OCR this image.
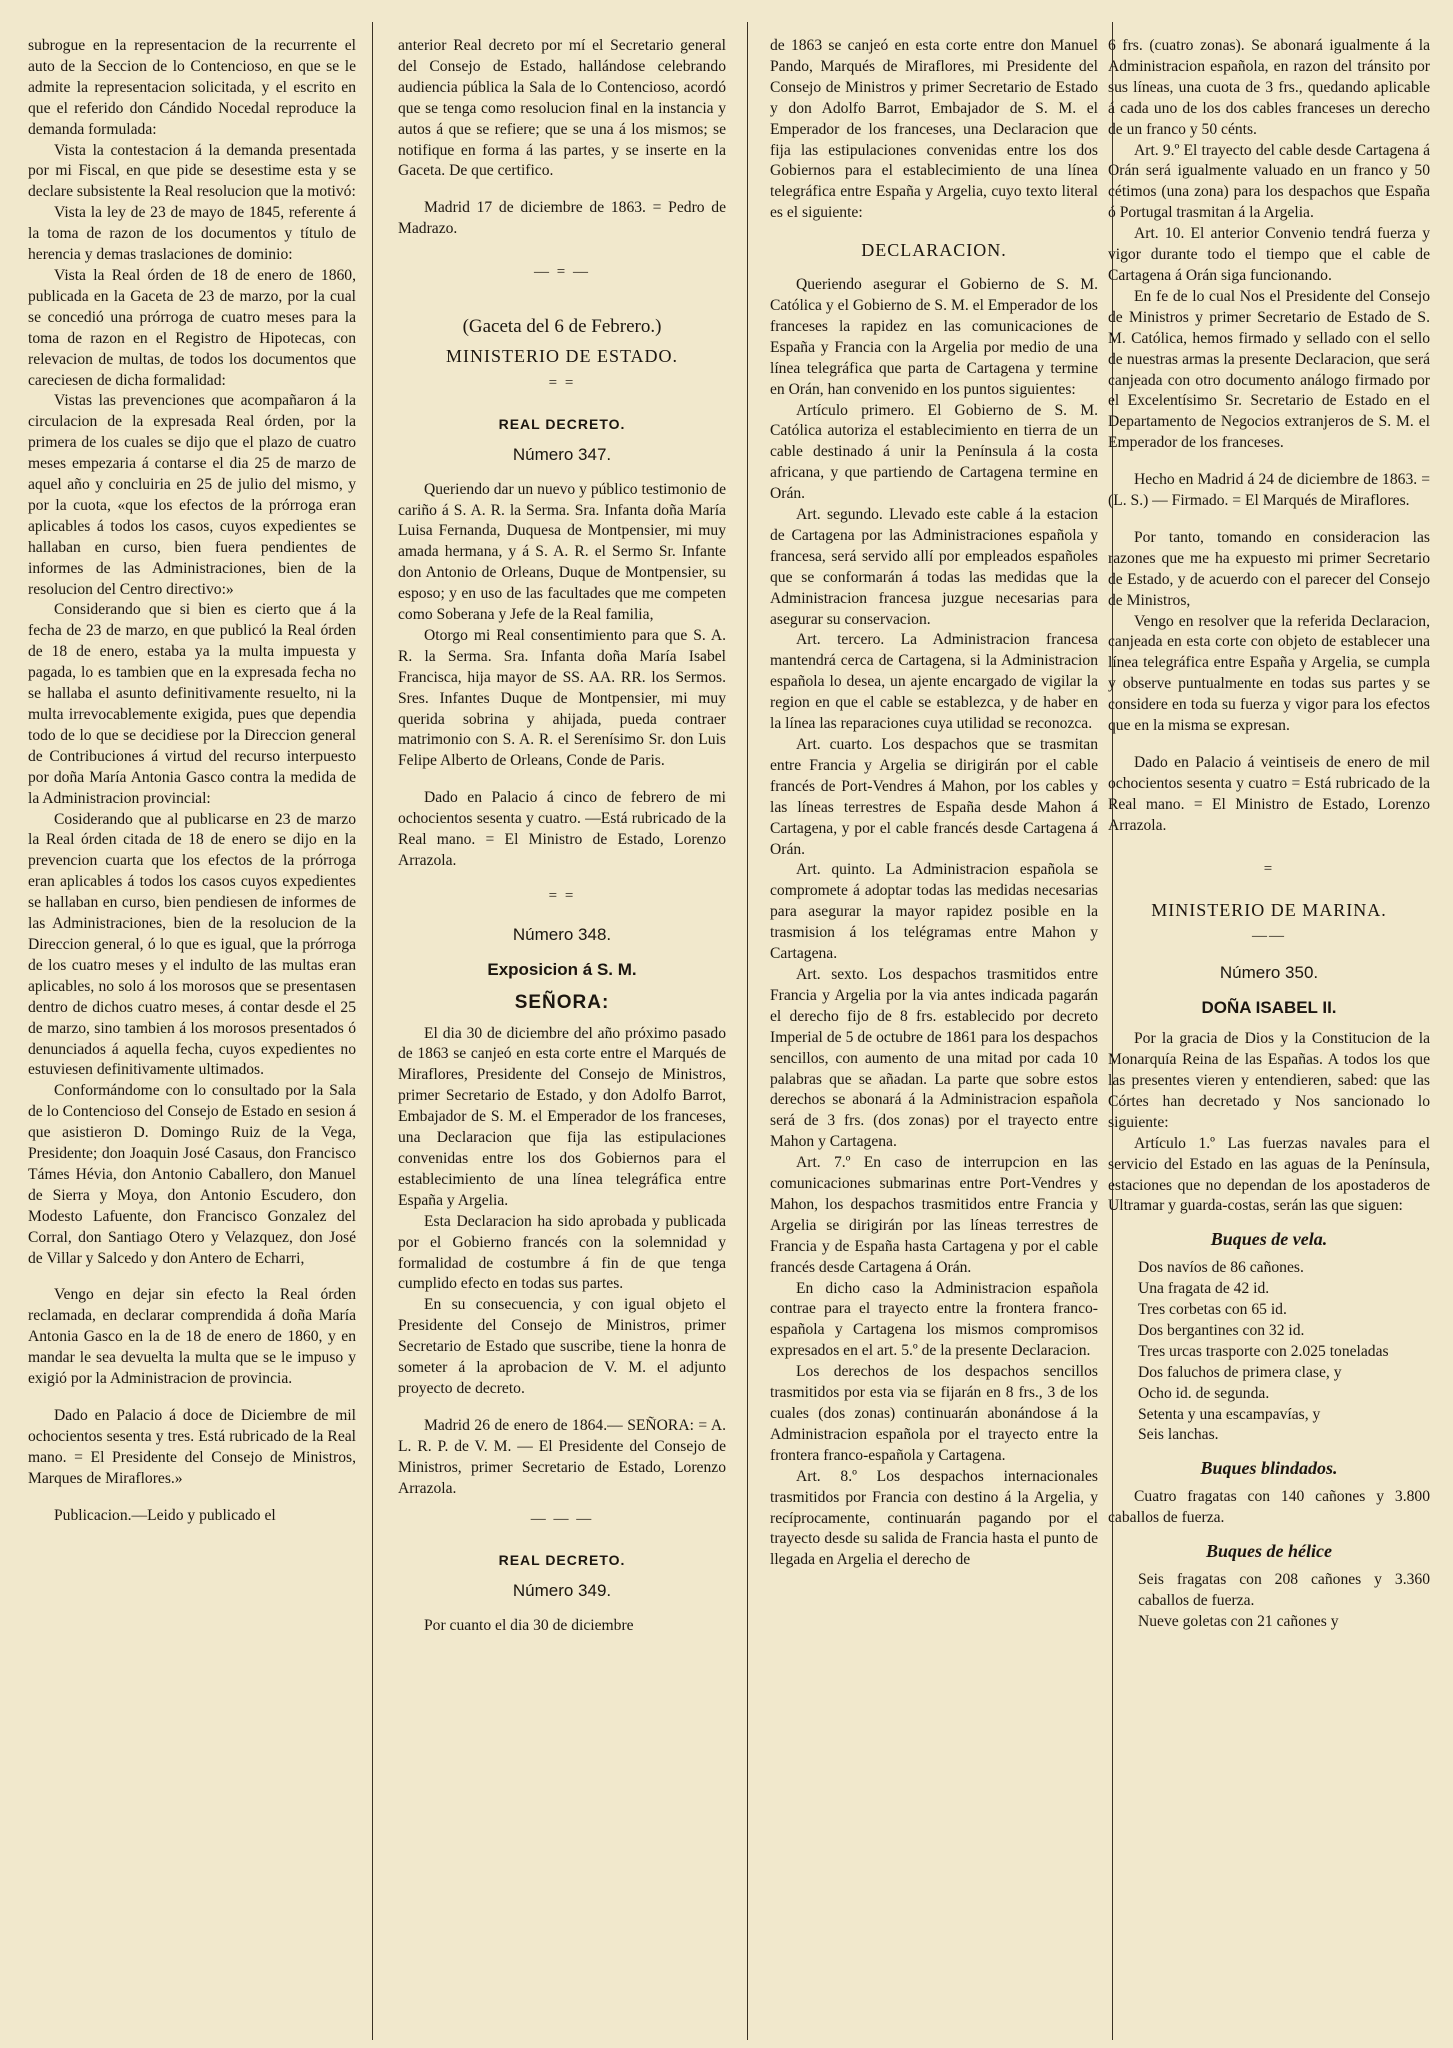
subrogue en la representacion de la recurrente el auto de la Seccion de lo Contencioso, en que se le admite la representacion solicitada, y el escrito en que el referido don Cándido Nocedal reproduce la demanda formulada:

Vista la contestacion á la demanda presentada por mi Fiscal, en que pide se desestime esta y se declare subsistente la Real resolucion que la motivó:

Vista la ley de 23 de mayo de 1845, referente á la toma de razon de los documentos y título de herencia y demas traslaciones de dominio:

Vista la Real órden de 18 de enero de 1860, publicada en la Gaceta de 23 de marzo, por la cual se concedió una prórroga de cuatro meses para la toma de razon en el Registro de Hipotecas, con relevacion de multas, de todos los documentos que careciesen de dicha formalidad:

Vistas las prevenciones que acompañaron á la circulacion de la expresada Real órden, por la primera de los cuales se dijo que el plazo de cuatro meses empezaria á contarse el dia 25 de marzo de aquel año y concluiria en 25 de julio del mismo, y por la cuota, «que los efectos de la prórroga eran aplicables á todos los casos, cuyos expedientes se hallaban en curso, bien fuera pendientes de informes de las Administraciones, bien de la resolucion del Centro directivo:»

Considerando que si bien es cierto que á la fecha de 23 de marzo, en que publicó la Real órden de 18 de enero, estaba ya la multa impuesta y pagada, lo es tambien que en la expresada fecha no se hallaba el asunto definitivamente resuelto, ni la multa irrevocablemente exigida, pues que dependia todo de lo que se decidiese por la Direccion general de Contribuciones á virtud del recurso interpuesto por doña María Antonia Gasco contra la medida de la Administracion provincial:

Cosiderando que al publicarse en 23 de marzo la Real órden citada de 18 de enero se dijo en la prevencion cuarta que los efectos de la prórroga eran aplicables á todos los casos cuyos expedientes se hallaban en curso, bien pendiesen de informes de las Administraciones, bien de la resolucion de la Direccion general, ó lo que es igual, que la prórroga de los cuatro meses y el indulto de las multas eran aplicables, no solo á los morosos que se presentasen dentro de dichos cuatro meses, á contar desde el 25 de marzo, sino tambien á los morosos presentados ó denunciados á aquella fecha, cuyos expedientes no estuviesen definitivamente ultimados.

Conformándome con lo consultado por la Sala de lo Contencioso del Consejo de Estado en sesion á que asistieron D. Domingo Ruiz de la Vega, Presidente; don Joaquin José Casaus, don Francisco Támes Hévia, don Antonio Caballero, don Manuel de Sierra y Moya, don Antonio Escudero, don Modesto Lafuente, don Francisco Gonzalez del Corral, don Santiago Otero y Velazquez, don José de Villar y Salcedo y don Antero de Echarri,

Vengo en dejar sin efecto la Real órden reclamada, en declarar comprendida á doña María Antonia Gasco en la de 18 de enero de 1860, y en mandar le sea devuelta la multa que se le impuso y exigió por la Administracion de provincia.

Dado en Palacio á doce de Diciembre de mil ochocientos sesenta y tres. Está rubricado de la Real mano. = El Presidente del Consejo de Ministros, Marques de Miraflores.»

Publicacion.—Leido y publicado el

anterior Real decreto por mí el Secretario general del Consejo de Estado, hallándose celebrando audiencia pública la Sala de lo Contencioso, acordó que se tenga como resolucion final en la instancia y autos á que se refiere; que se una á los mismos; se notifique en forma á las partes, y se inserte en la Gaceta. De que certifico.

Madrid 17 de diciembre de 1863. = Pedro de Madrazo.

— = —
(Gaceta del 6 de Febrero.)
MINISTERIO DE ESTADO.
= =
REAL DECRETO.
Número 347.

Queriendo dar un nuevo y público testimonio de cariño á S. A. R. la Serma. Sra. Infanta doña María Luisa Fernanda, Duquesa de Montpensier, mi muy amada hermana, y á S. A. R. el Sermo Sr. Infante don Antonio de Orleans, Duque de Montpensier, su esposo; y en uso de las facultades que me competen como Soberana y Jefe de la Real familia,

Otorgo mi Real consentimiento para que S. A. R. la Serma. Sra. Infanta doña María Isabel Francisca, hija mayor de SS. AA. RR. los Sermos. Sres. Infantes Duque de Montpensier, mi muy querida sobrina y ahijada, pueda contraer matrimonio con S. A. R. el Serenísimo Sr. don Luis Felipe Alberto de Orleans, Conde de Paris.

Dado en Palacio á cinco de febrero de mi ochocientos sesenta y cuatro. —Está rubricado de la Real mano. = El Ministro de Estado, Lorenzo Arrazola.

= =
Número 348.
Exposicion á S. M.
SEÑORA:

El dia 30 de diciembre del año próximo pasado de 1863 se canjeó en esta corte entre el Marqués de Miraflores, Presidente del Consejo de Ministros, primer Secretario de Estado, y don Adolfo Barrot, Embajador de S. M. el Emperador de los franceses, una Declaracion que fija las estipulaciones convenidas entre los dos Gobiernos para el establecimiento de una línea telegráfica entre España y Argelia.

Esta Declaracion ha sido aprobada y publicada por el Gobierno francés con la solemnidad y formalidad de costumbre á fin de que tenga cumplido efecto en todas sus partes.

En su consecuencia, y con igual objeto el Presidente del Consejo de Ministros, primer Secretario de Estado que suscribe, tiene la honra de someter á la aprobacion de V. M. el adjunto proyecto de decreto.

Madrid 26 de enero de 1864.— SEÑORA: = A. L. R. P. de V. M. — El Presidente del Consejo de Ministros, primer Secretario de Estado, Lorenzo Arrazola.

— — —
REAL DECRETO.
Número 349.

Por cuanto el dia 30 de diciembre

de 1863 se canjeó en esta corte entre don Manuel Pando, Marqués de Miraflores, mi Presidente del Consejo de Ministros y primer Secretario de Estado y don Adolfo Barrot, Embajador de S. M. el Emperador de los franceses, una Declaracion que fija las estipulaciones convenidas entre los dos Gobiernos para el establecimiento de una línea telegráfica entre España y Argelia, cuyo texto literal es el siguiente:

DECLARACION.

Queriendo asegurar el Gobierno de S. M. Católica y el Gobierno de S. M. el Emperador de los franceses la rapidez en las comunicaciones de España y Francia con la Argelia por medio de una línea telegráfica que parta de Cartagena y termine en Orán, han convenido en los puntos siguientes:

Artículo primero. El Gobierno de S. M. Católica autoriza el establecimiento en tierra de un cable destinado á unir la Península á la costa africana, y que partiendo de Cartagena termine en Orán.

Art. segundo. Llevado este cable á la estacion de Cartagena por las Administraciones española y francesa, será servido allí por empleados españoles que se conformarán á todas las medidas que la Administracion francesa juzgue necesarias para asegurar su conservacion.

Art. tercero. La Administracion francesa mantendrá cerca de Cartagena, si la Administracion española lo desea, un ajente encargado de vigilar la region en que el cable se establezca, y de haber en la línea las reparaciones cuya utilidad se reconozca.

Art. cuarto. Los despachos que se trasmitan entre Francia y Argelia se dirigirán por el cable francés de Port-Vendres á Mahon, por los cables y las líneas terrestres de España desde Mahon á Cartagena, y por el cable francés desde Cartagena á Orán.

Art. quinto. La Administracion española se compromete á adoptar todas las medidas necesarias para asegurar la mayor rapidez posible en la trasmision á los telégramas entre Mahon y Cartagena.

Art. sexto. Los despachos trasmitidos entre Francia y Argelia por la via antes indicada pagarán el derecho fijo de 8 frs. establecido por decreto Imperial de 5 de octubre de 1861 para los despachos sencillos, con aumento de una mitad por cada 10 palabras que se añadan. La parte que sobre estos derechos se abonará á la Administracion española será de 3 frs. (dos zonas) por el trayecto entre Mahon y Cartagena.

Art. 7.º En caso de interrupcion en las comunicaciones submarinas entre Port-Vendres y Mahon, los despachos trasmitidos entre Francia y Argelia se dirigirán por las líneas terrestres de Francia y de España hasta Cartagena y por el cable francés desde Cartagena á Orán.

En dicho caso la Administracion española contrae para el trayecto entre la frontera franco-española y Cartagena los mismos compromisos expresados en el art. 5.º de la presente Declaracion.

Los derechos de los despachos sencillos trasmitidos por esta via se fijarán en 8 frs., 3 de los cuales (dos zonas) continuarán abonándose á la Administracion española por el trayecto entre la frontera franco-española y Cartagena.

Art. 8.º Los despachos internacionales trasmitidos por Francia con destino á la Argelia, y recíprocamente, continuarán pagando por el trayecto desde su salida de Francia hasta el punto de llegada en Argelia el derecho de

6 frs. (cuatro zonas). Se abonará igualmente á la Administracion española, en razon del tránsito por sus líneas, una cuota de 3 frs., quedando aplicable á cada uno de los dos cables franceses un derecho de un franco y 50 cénts.

Art. 9.º El trayecto del cable desde Cartagena á Orán será igualmente valuado en un franco y 50 cétimos (una zona) para los despachos que España ó Portugal trasmitan á la Argelia.

Art. 10. El anterior Convenio tendrá fuerza y vigor durante todo el tiempo que el cable de Cartagena á Orán siga funcionando.

En fe de lo cual Nos el Presidente del Consejo de Ministros y primer Secretario de Estado de S. M. Católica, hemos firmado y sellado con el sello de nuestras armas la presente Declaracion, que será canjeada con otro documento análogo firmado por el Excelentísimo Sr. Secretario de Estado en el Departamento de Negocios extranjeros de S. M. el Emperador de los franceses.

Hecho en Madrid á 24 de diciembre de 1863. = (L. S.) — Firmado. = El Marqués de Miraflores.

Por tanto, tomando en consideracion las razones que me ha expuesto mi primer Secretario de Estado, y de acuerdo con el parecer del Consejo de Ministros,

Vengo en resolver que la referida Declaracion, canjeada en esta corte con objeto de establecer una línea telegráfica entre España y Argelia, se cumpla y observe puntualmente en todas sus partes y se considere en toda su fuerza y vigor para los efectos que en la misma se expresan.

Dado en Palacio á veintiseis de enero de mil ochocientos sesenta y cuatro = Está rubricado de la Real mano. = El Ministro de Estado, Lorenzo Arrazola.

=
MINISTERIO DE MARINA.
——
Número 350.
DOÑA ISABEL II.

Por la gracia de Dios y la Constitucion de la Monarquía Reina de las Españas. A todos los que las presentes vieren y entendieren, sabed: que las Córtes han decretado y Nos sancionado lo siguiente:

Artículo 1.º Las fuerzas navales para el servicio del Estado en las aguas de la Península, estaciones que no dependan de los apostaderos de Ultramar y guarda-costas, serán las que siguen:

Buques de vela.

Dos navíos de 86 cañones.

Una fragata de 42 id.

Tres corbetas con 65 id.

Dos bergantines con 32 id.

Tres urcas trasporte con 2.025 toneladas

Dos faluchos de primera clase, y

Ocho id. de segunda.

Setenta y una escampavías, y

Seis lanchas.

Buques blindados.

Cuatro fragatas con 140 cañones y 3.800 caballos de fuerza.

Buques de hélice

Seis fragatas con 208 cañones y 3.360 caballos de fuerza.

Nueve goletas con 21 cañones y
